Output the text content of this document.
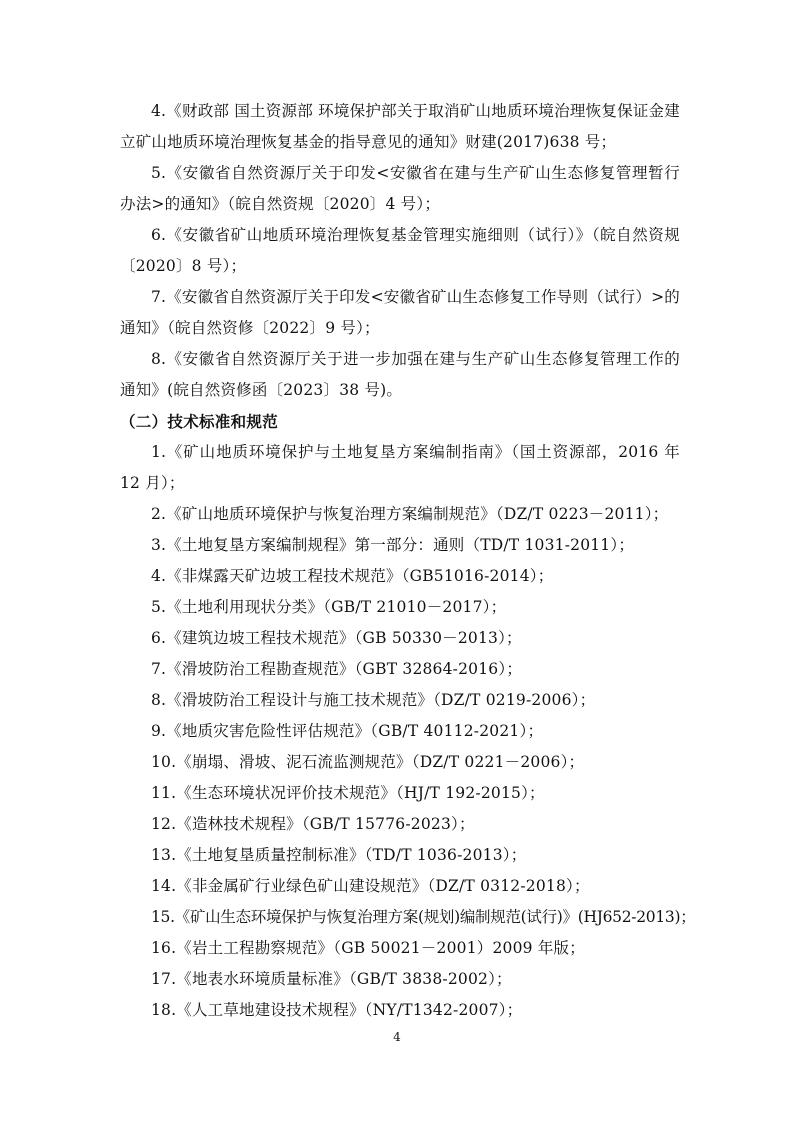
4.《财政部 国土资源部 环境保护部关于取消矿山地质环境治理恢复保证金建立矿山地质环境治理恢复基金的指导意见的通知》财建(2017)638 号；

5.《安徽省自然资源厅关于印发<安徽省在建与生产矿山生态修复管理暂行办法>的通知》（皖自然资规〔2020〕4 号）；

6.《安徽省矿山地质环境治理恢复基金管理实施细则（试行）》（皖自然资规〔2020〕8 号）；

7.《安徽省自然资源厅关于印发<安徽省矿山生态修复工作导则（试行）>的通知》（皖自然资修〔2022〕9 号）；

8.《安徽省自然资源厅关于进一步加强在建与生产矿山生态修复管理工作的通知》(皖自然资修函〔2023〕38 号)。

（二）技术标准和规范

1.《矿山地质环境保护与土地复垦方案编制指南》（国土资源部，2016 年 12 月）；

2.《矿山地质环境保护与恢复治理方案编制规范》（DZ/T 0223－2011）；

3.《土地复垦方案编制规程》第一部分：通则（TD/T 1031-2011）；

4.《非煤露天矿边坡工程技术规范》（GB51016-2014）；

5.《土地利用现状分类》（GB/T 21010－2017）；

6.《建筑边坡工程技术规范》（GB 50330－2013）；

7.《滑坡防治工程勘查规范》（GBT 32864-2016）；

8.《滑坡防治工程设计与施工技术规范》（DZ/T 0219-2006）；

9.《地质灾害危险性评估规范》（GB/T 40112-2021）；

10.《崩塌、滑坡、泥石流监测规范》（DZ/T 0221－2006）；

11.《生态环境状况评价技术规范》（HJ/T 192-2015）；

12.《造林技术规程》（GB/T 15776-2023）；

13.《土地复垦质量控制标准》（TD/T 1036-2013）；

14.《非金属矿行业绿色矿山建设规范》（DZ/T 0312-2018）；

15.《矿山生态环境保护与恢复治理方案(规划)编制规范(试行)》(HJ652-2013)；

16.《岩土工程勘察规范》（GB 50021－2001）2009 年版；

17.《地表水环境质量标准》（GB/T 3838-2002）；

18.《人工草地建设技术规程》（NY/T1342-2007）；

4
